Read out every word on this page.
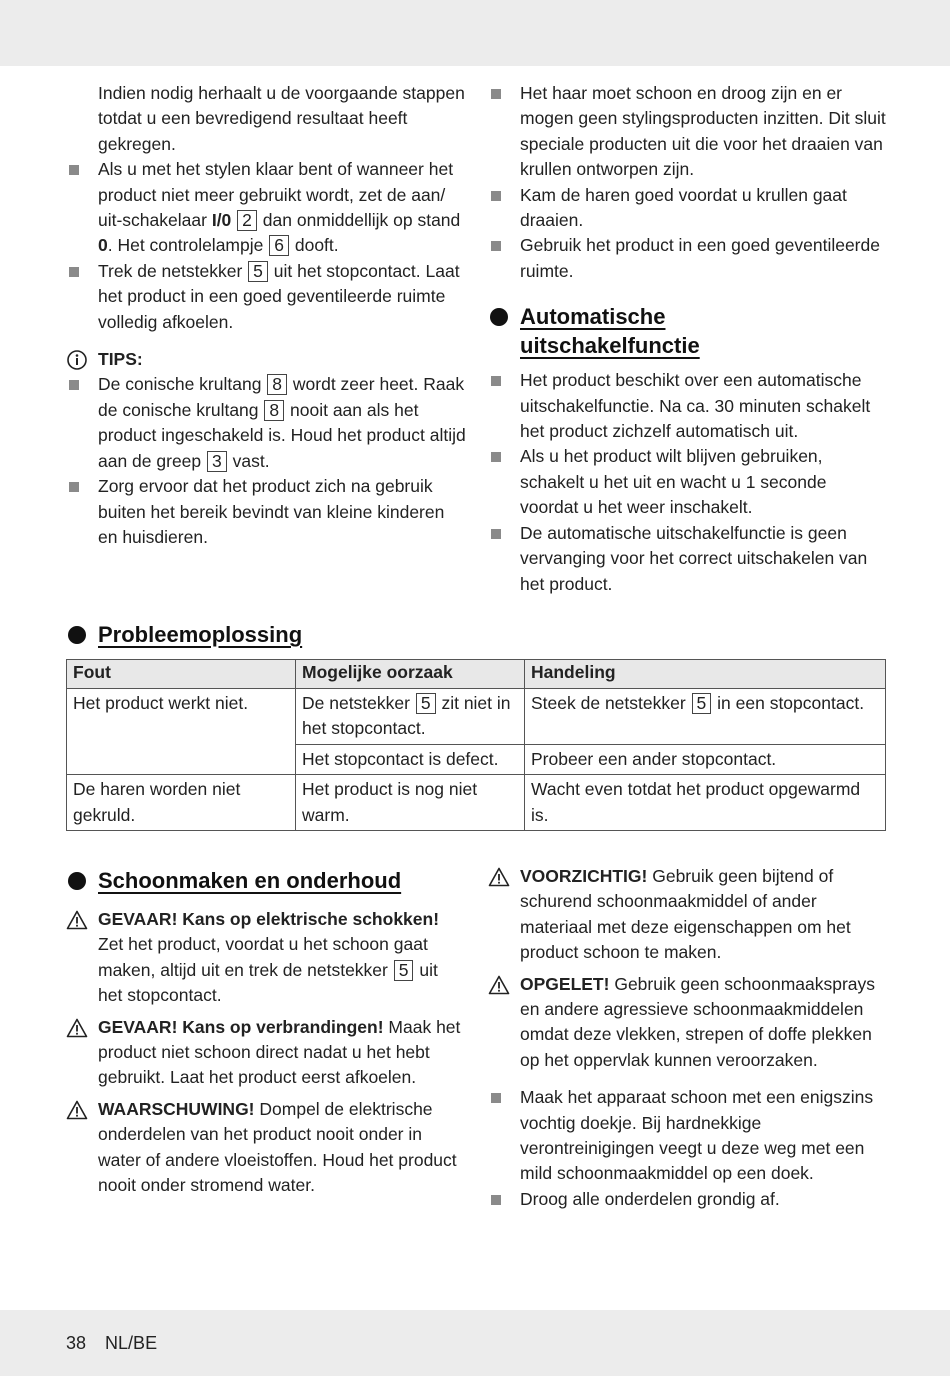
Indien nodig herhaalt u de voorgaande stappen totdat u een bevredigend resultaat heeft gekregen.

Als u met het stylen klaar bent of wanneer het product niet meer gebruikt wordt, zet de aan/ uit-schakelaar I/0 2 dan onmiddellijk op stand 0. Het controlelampje 6 dooft.

Trek de netstekker 5 uit het stopcontact. Laat het product in een goed geventileerde ruimte volledig afkoelen.

TIPS:

De conische krultang 8 wordt zeer heet. Raak de conische krultang 8 nooit aan als het product ingeschakeld is. Houd het product altijd aan de greep 3 vast.

Zorg ervoor dat het product zich na gebruik buiten het bereik bevindt van kleine kinderen en huisdieren.

Het haar moet schoon en droog zijn en er mogen geen stylingsproducten inzitten. Dit sluit speciale producten uit die voor het draaien van krullen ontworpen zijn.

Kam de haren goed voordat u krullen gaat draaien.

Gebruik het product in een goed geventileerde ruimte.

Automatische
uitschakelfunctie

Het product beschikt over een automatische uitschakelfunctie. Na ca. 30 minuten schakelt het product zichzelf automatisch uit.

Als u het product wilt blijven gebruiken, schakelt u het uit en wacht u 1 seconde voordat u het weer inschakelt.

De automatische uitschakelfunctie is geen vervanging voor het correct uitschakelen van het product.

Probleemoplossing
Fout	Mogelijke oorzaak	Handeling
Het product werkt niet.	De netstekker 5 zit niet in het stopcontact.	Steek de netstekker 5 in een stopcontact.
	Het stopcontact is defect.	Probeer een ander stopcontact.
De haren worden niet gekruld.	Het product is nog niet warm.	Wacht even totdat het product opgewarmd is.
Schoonmaken en onderhoud

GEVAAR! Kans op elektrische schokken! Zet het product, voordat u het schoon gaat maken, altijd uit en trek de netstekker 5 uit het stopcontact.

GEVAAR! Kans op verbrandingen! Maak het product niet schoon direct nadat u het hebt gebruikt. Laat het product eerst afkoelen.

WAARSCHUWING! Dompel de elektrische onderdelen van het product nooit onder in water of andere vloeistoffen. Houd het product nooit onder stromend water.

VOORZICHTIG! Gebruik geen bijtend of schurend schoonmaakmiddel of ander materiaal met deze eigenschappen om het product schoon te maken.

OPGELET! Gebruik geen schoonmaaksprays en andere agressieve schoonmaakmiddelen omdat deze vlekken, strepen of doffe plekken op het oppervlak kunnen veroorzaken.

Maak het apparaat schoon met een enigszins vochtig doekje. Bij hardnekkige verontreinigingen veegt u deze weg met een mild schoonmaakmiddel op een doek.

Droog alle onderdelen grondig af.

38 NL/BE
